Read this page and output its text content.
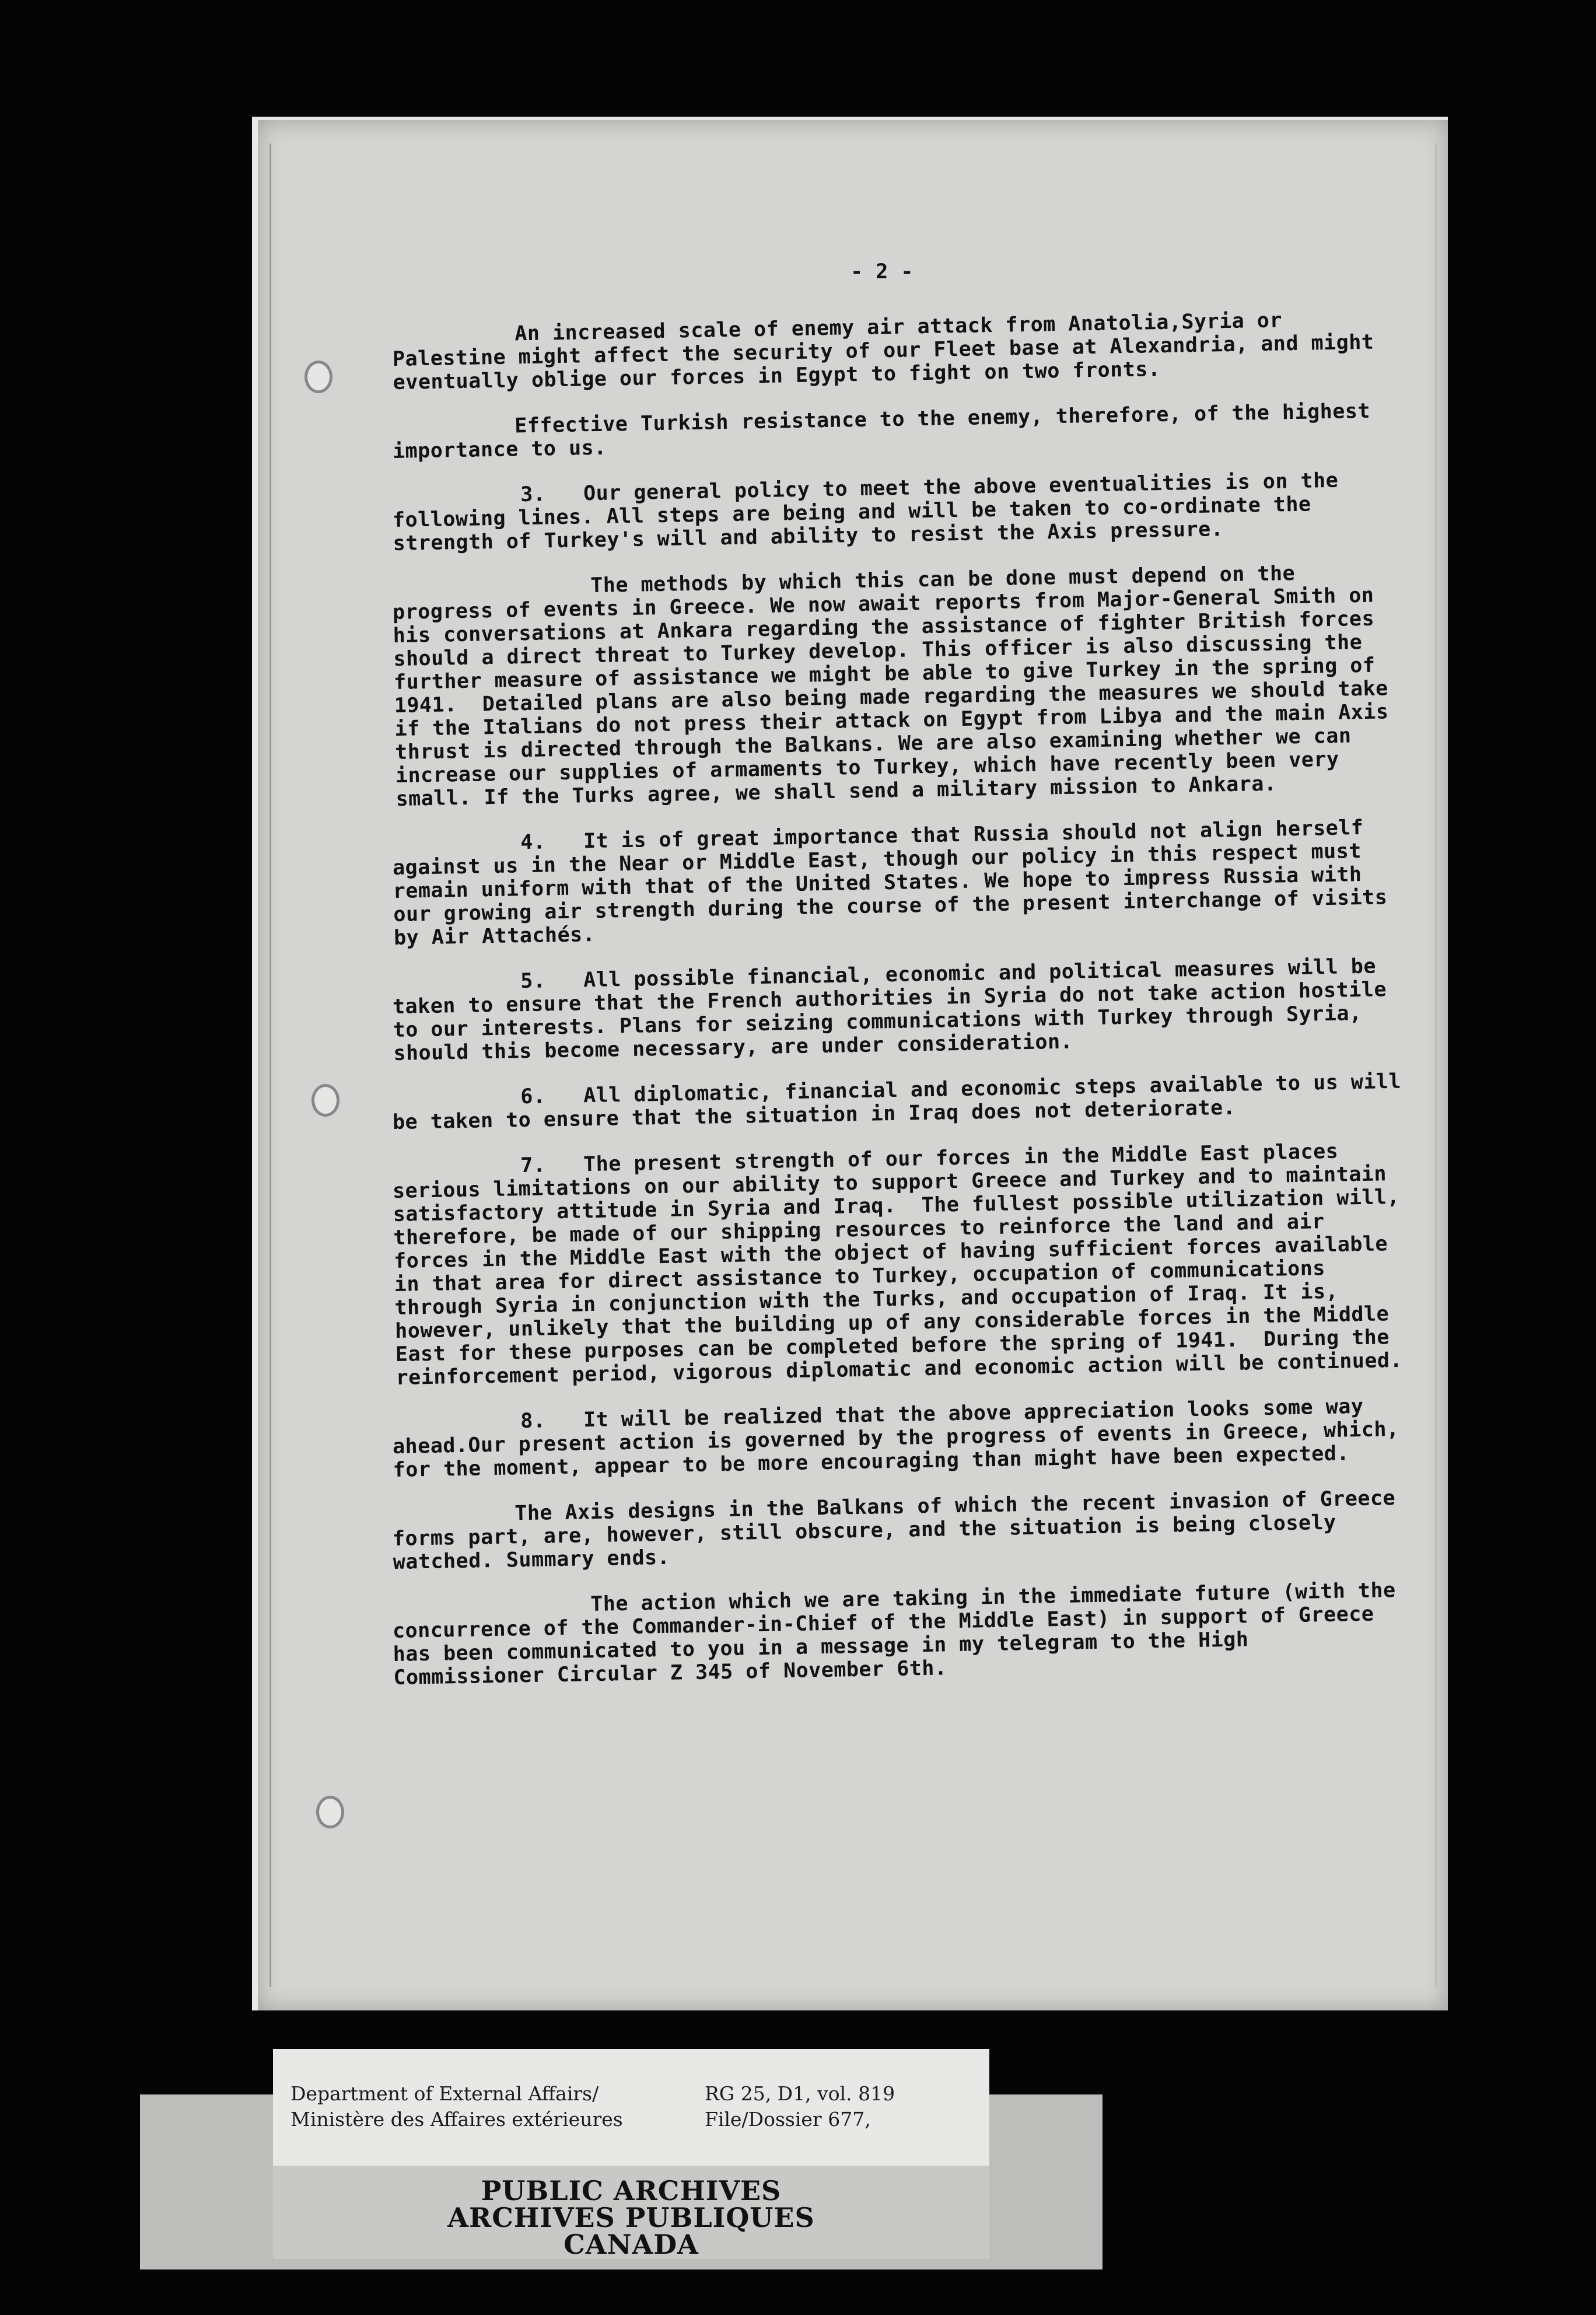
- 2 -

An increased scale of enemy air attack from Anatolia,Syria or Palestine might affect the security of our Fleet base at Alexandria, and might eventually oblige our forces in Egypt to fight on two fronts.

Effective Turkish resistance to the enemy, therefore, of the highest importance to us.

3.   Our general policy to meet the above eventualities is on the following lines. All steps are being and will be taken to co-ordinate the strength of Turkey's will and ability to resist the Axis pressure.

The methods by which this can be done must depend on the progress of events in Greece. We now await reports from Major-General Smith on his conversations at Ankara regarding the assistance of fighter British forces should a direct threat to Turkey develop. This officer is also discussing the further measure of assistance we might be able to give Turkey in the spring of 1941.  Detailed plans are also being made regarding the measures we should take if the Italians do not press their attack on Egypt from Libya and the main Axis thrust is directed through the Balkans. We are also examining whether we can increase our supplies of armaments to Turkey, which have recently been very small. If the Turks agree, we shall send a military mission to Ankara.

4.   It is of great importance that Russia should not align herself against us in the Near or Middle East, though our policy in this respect must remain uniform with that of the United States. We hope to impress Russia with our growing air strength during the course of the present interchange of visits by Air Attachés.

5.   All possible financial, economic and political measures will be taken to ensure that the French authorities in Syria do not take action hostile to our interests. Plans for seizing communications with Turkey through Syria, should this become necessary, are under consideration.

6.   All diplomatic, financial and economic steps available to us will be taken to ensure that the situation in Iraq does not deteriorate.

7.   The present strength of our forces in the Middle East places serious limitations on our ability to support Greece and Turkey and to maintain satisfactory attitude in Syria and Iraq.  The fullest possible utilization will, therefore, be made of our shipping resources to reinforce the land and air forces in the Middle East with the object of having sufficient forces available in that area for direct assistance to Turkey, occupation of communications through Syria in conjunction with the Turks, and occupation of Iraq. It is, however, unlikely that the building up of any considerable forces in the Middle East for these purposes can be completed before the spring of 1941.  During the reinforcement period, vigorous diplomatic and economic action will be continued.

8.   It will be realized that the above appreciation looks some way ahead.Our present action is governed by the progress of events in Greece, which, for the moment, appear to be more encouraging than might have been expected.

The Axis designs in the Balkans of which the recent invasion of Greece forms part, are, however, still obscure, and the situation is being closely watched. Summary ends.

The action which we are taking in the immediate future (with the concurrence of the Commander-in-Chief of the Middle East) in support of Greece has been communicated to you in a message in my telegram to the High Commissioner Circular Z 345 of November 6th.

Department of External Affairs/
Ministère des Affaires extérieures
RG 25, D1, vol. 819
File/Dossier 677,
PUBLIC ARCHIVES
ARCHIVES PUBLIQUES
CANADA
